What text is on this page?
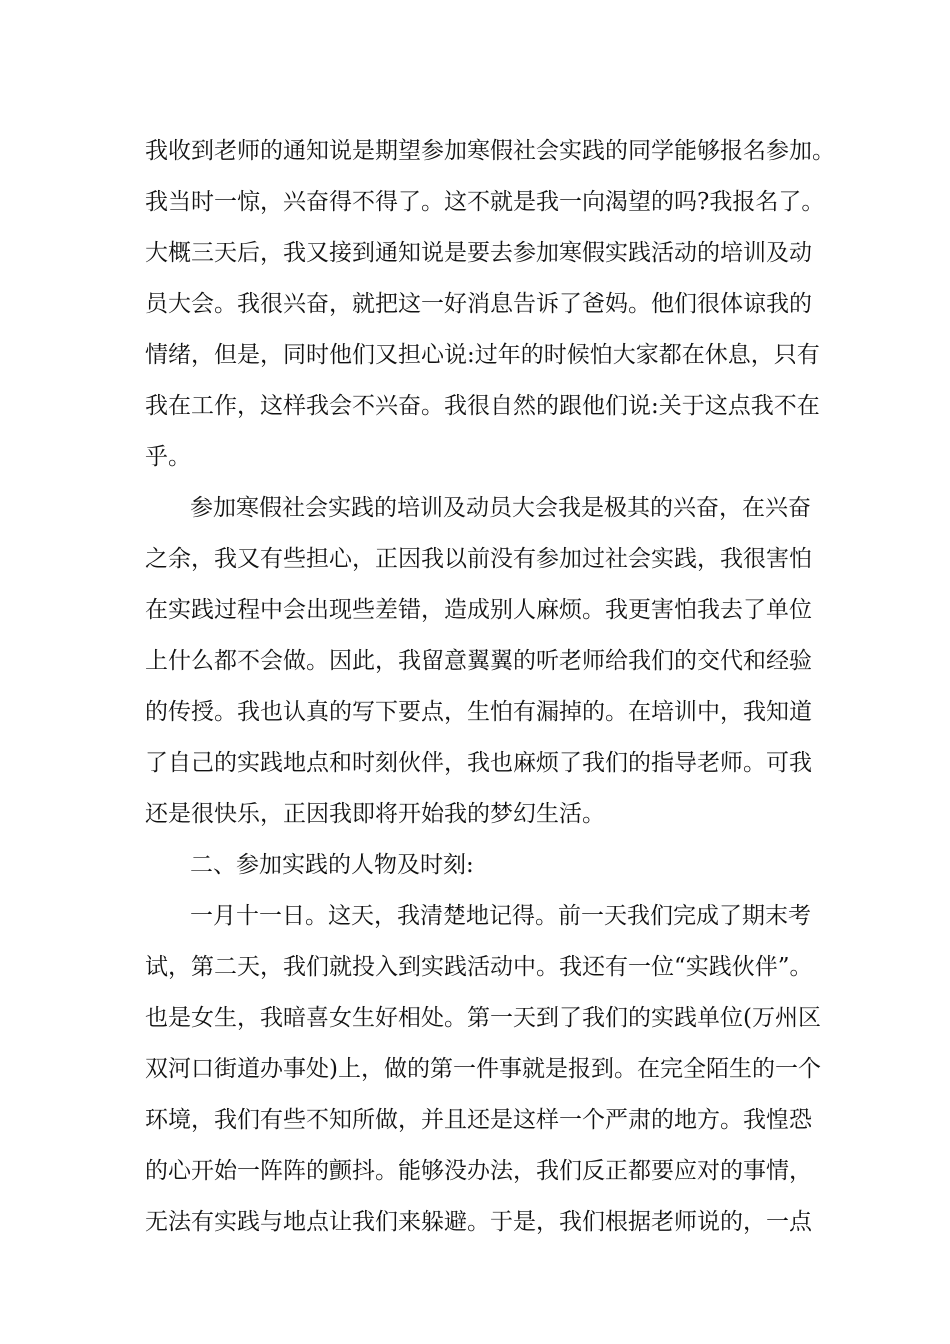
我收到老师的通知说是期望参加寒假社会实践的同学能够报名参加。
我当时一惊，兴奋得不得了。这不就是我一向渴望的吗?我报名了。
大概三天后，我又接到通知说是要去参加寒假实践活动的培训及动
员大会。我很兴奋，就把这一好消息告诉了爸妈。他们很体谅我的
情绪，但是，同时他们又担心说:过年的时候怕大家都在休息，只有
我在工作，这样我会不兴奋。我很自然的跟他们说:关于这点我不在
乎。
参加寒假社会实践的培训及动员大会我是极其的兴奋，在兴奋
之余，我又有些担心，正因我以前没有参加过社会实践，我很害怕
在实践过程中会出现些差错，造成别人麻烦。我更害怕我去了单位
上什么都不会做。因此，我留意翼翼的听老师给我们的交代和经验
的传授。我也认真的写下要点，生怕有漏掉的。在培训中，我知道
了自己的实践地点和时刻伙伴，我也麻烦了我们的指导老师。可我
还是很快乐，正因我即将开始我的梦幻生活。
二、参加实践的人物及时刻:
一月十一日。这天，我清楚地记得。前一天我们完成了期末考
试，第二天，我们就投入到实践活动中。我还有一位“实践伙伴”。
也是女生，我暗喜女生好相处。第一天到了我们的实践单位(万州区
双河口街道办事处)上，做的第一件事就是报到。在完全陌生的一个
环境，我们有些不知所做，并且还是这样一个严肃的地方。我惶恐
的心开始一阵阵的颤抖。能够没办法，我们反正都要应对的事情，
无法有实践与地点让我们来躲避。于是，我们根据老师说的，一点
